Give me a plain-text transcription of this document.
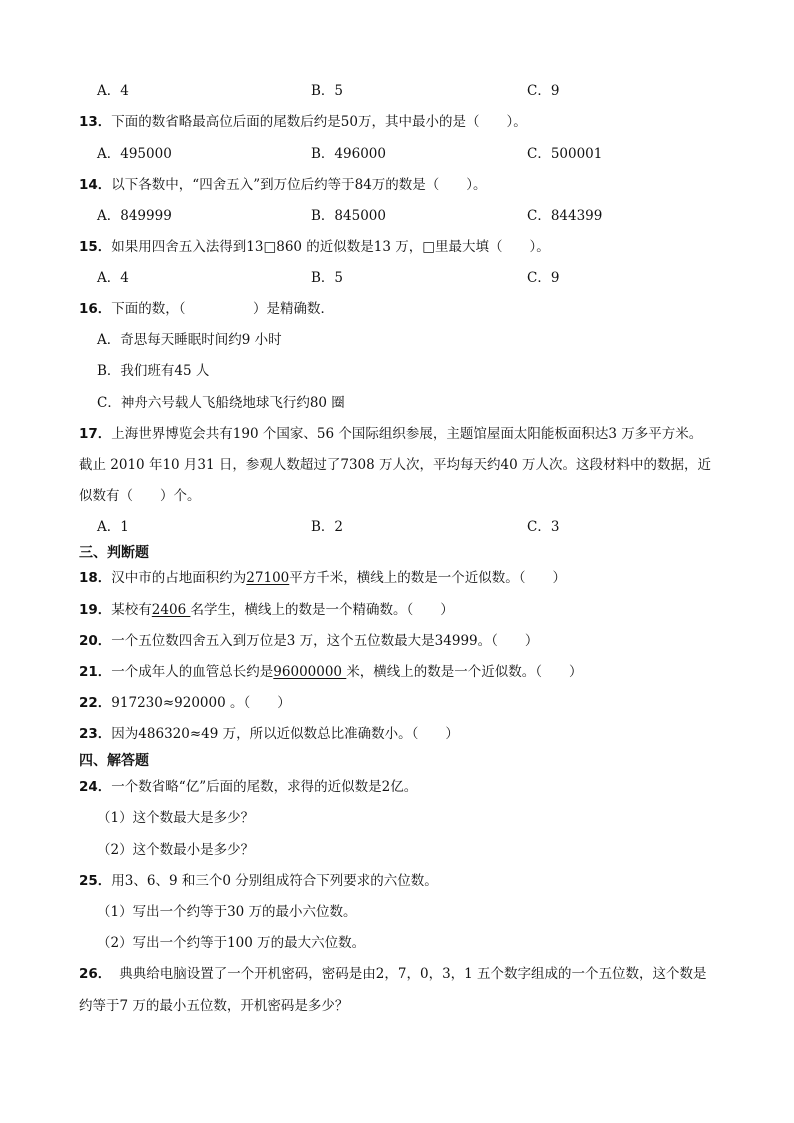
A．4	B．5	C．9
13．下面的数省略最高位后面的尾数后约是50万，其中最小的是（　　）。
A．495000	B．496000	C．500001
14．以下各数中，“四舍五入”到万位后约等于84万的数是（　　）。
A．849999	B．845000	C．844399
15．如果用四舍五入法得到13□860 的近似数是13 万，□里最大填（　　）。
A．4	B．5	C．9
16．下面的数，（　　　　　）是精确数．
A．奇思每天睡眠时间约9 小时
B．我们班有45 人
C．神舟六号载人飞船绕地球飞行约80 圈
17．上海世界博览会共有190 个国家、56 个国际组织参展，主题馆屋面太阳能板面积达3 万多平方米。
截止 2010 年10 月31 日，参观人数超过了7308 万人次，平均每天约40 万人次。这段材料中的数据，近
似数有（　　）个。
A．1	B．2	C．3
三、判断题
18．汉中市的占地面积约为27100平方千米，横线上的数是一个近似数。（　　）
19．某校有2406 名学生，横线上的数是一个精确数。（　　）
20．一个五位数四舍五入到万位是3 万，这个五位数最大是34999。（　　）
21．一个成年人的血管总长约是96000000 米，横线上的数是一个近似数。（　　）
22．917230≈920000 。（　　）
23．因为486320≈49 万，所以近似数总比准确数小。（　　）
四、解答题
24．一个数省略“亿”后面的尾数，求得的近似数是2亿。
（1）这个数最大是多少？
（2）这个数最小是多少？
25．用3、6、9 和三个0 分别组成符合下列要求的六位数。
（1）写出一个约等于30 万的最小六位数。
（2）写出一个约等于100 万的最大六位数。
26． 典典给电脑设置了一个开机密码，密码是由2，7，0，3，1 五个数字组成的一个五位数，这个数是
约等于7 万的最小五位数，开机密码是多少？
